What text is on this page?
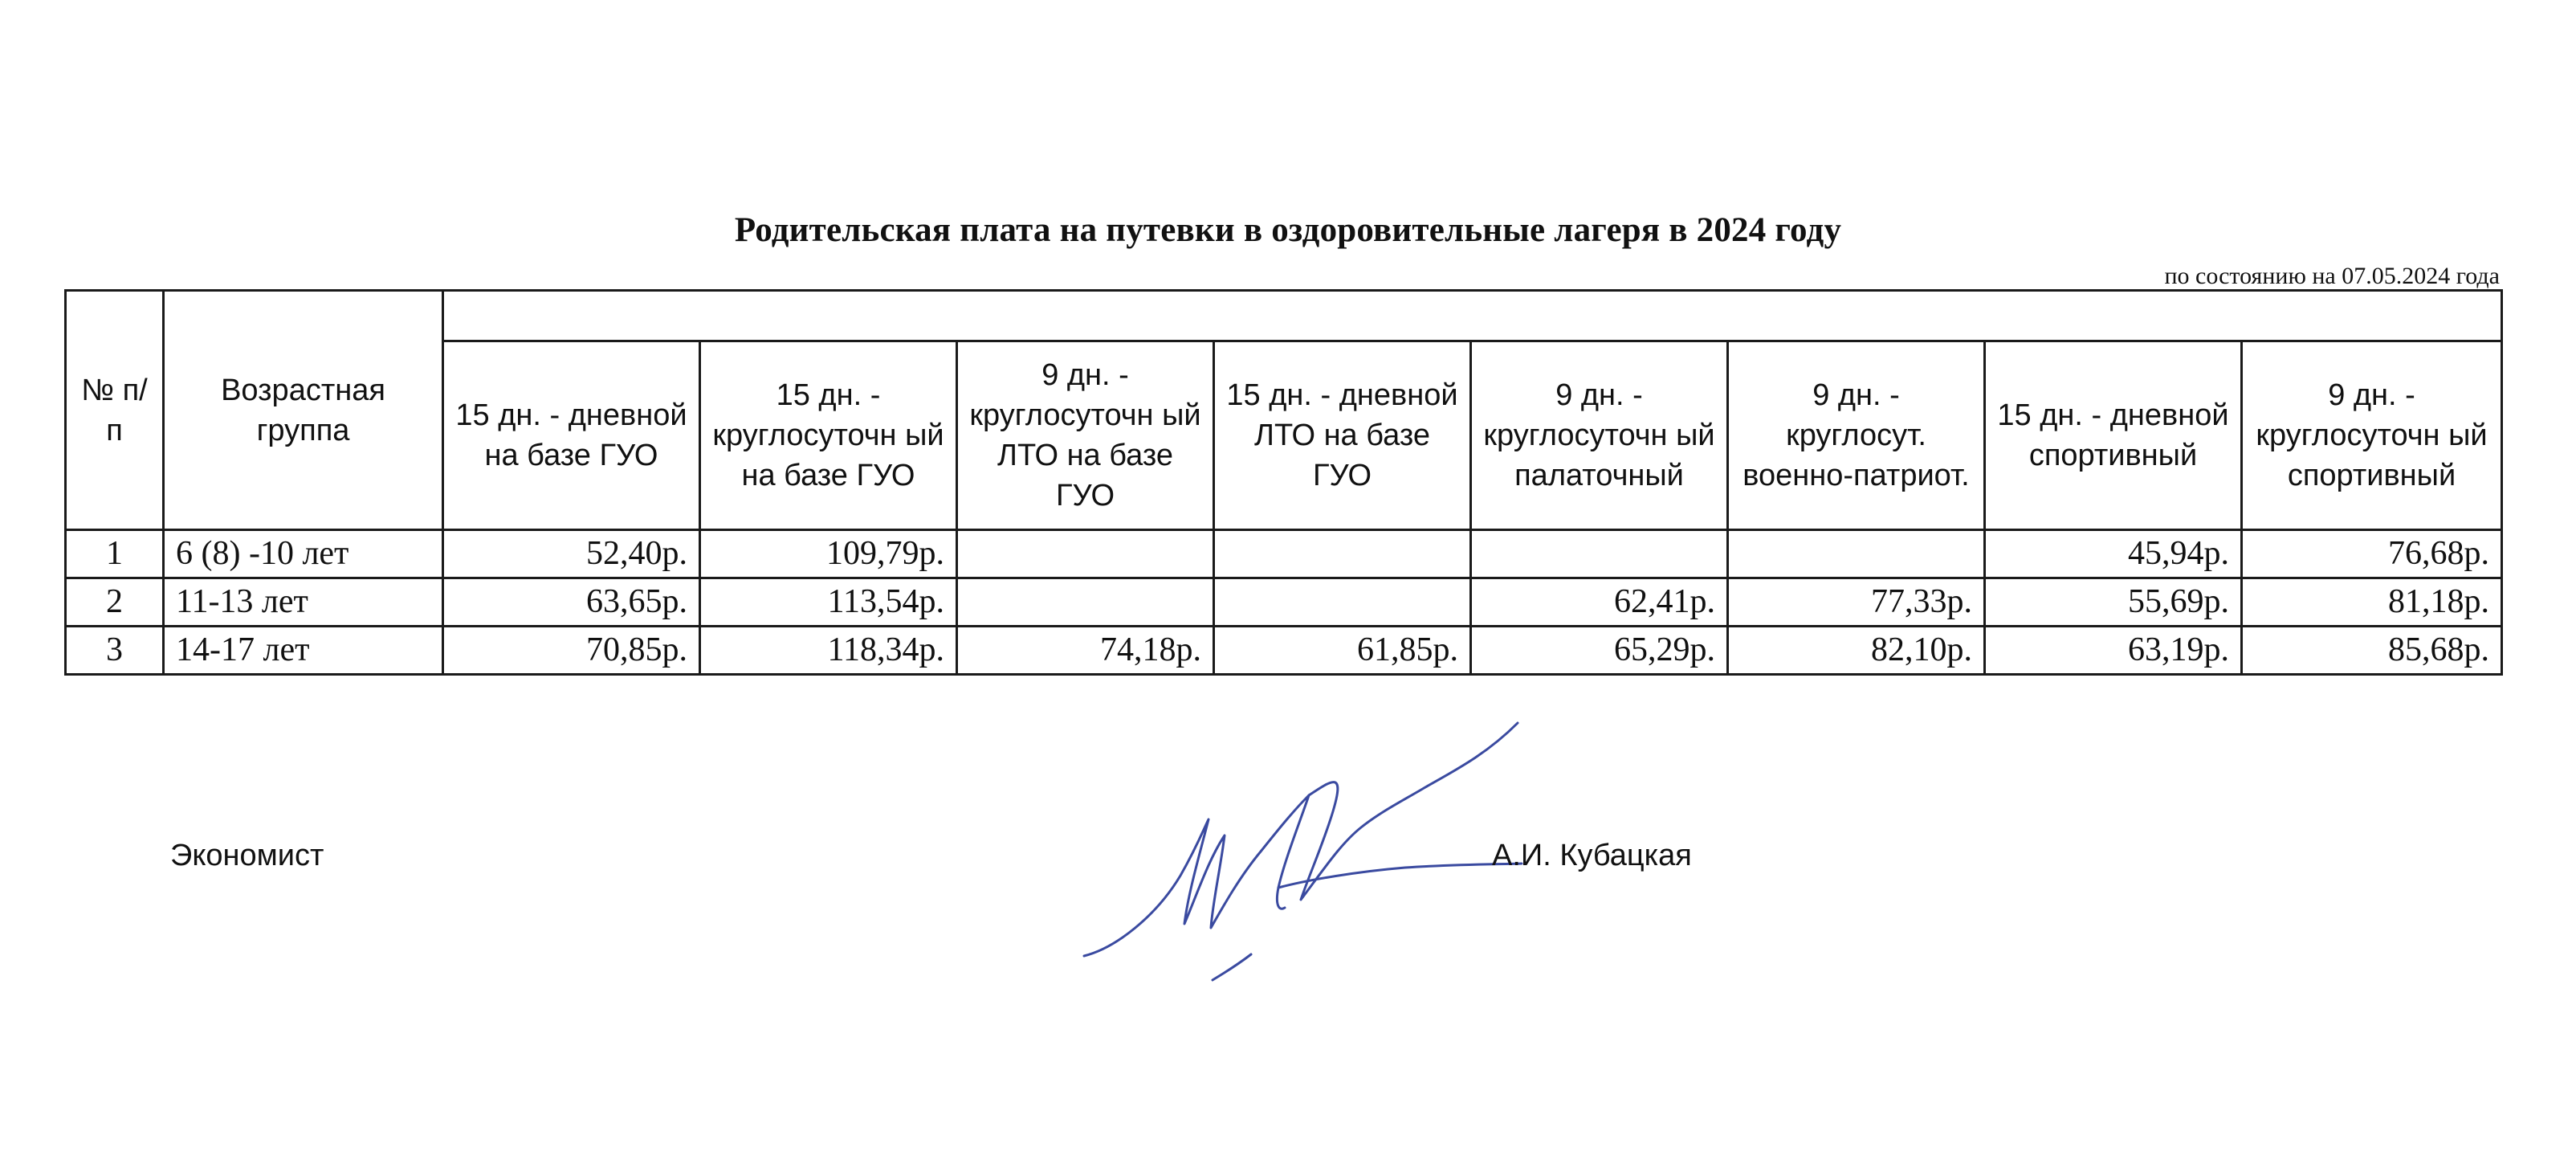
Родительская плата на путевки в оздоровительные лагеря в 2024 году
по состоянию на 07.05.2024 года
№ п/п	Возрастная группа								
		15 дн. - дневной на базе ГУО	15 дн. - круглосуточн ый на базе ГУО	9 дн. - круглосуточн ый ЛТО на базе ГУО	15 дн. - дневной ЛТО на базе ГУО	9 дн. - круглосуточн ый палаточный	9 дн. - круглосут. военно-патриот.	15 дн. - дневной спортивный	9 дн. - круглосуточн ый спортивный
1	6 (8) -10 лет	52,40р.	109,79р.					45,94р.	76,68р.
2	11-13 лет	63,65р.	113,54р.			62,41р.	77,33р.	55,69р.	81,18р.
3	14-17 лет	70,85р.	118,34р.	74,18р.	61,85р.	65,29р.	82,10р.	63,19р.	85,68р.
Экономист	А.И. Кубацкая
